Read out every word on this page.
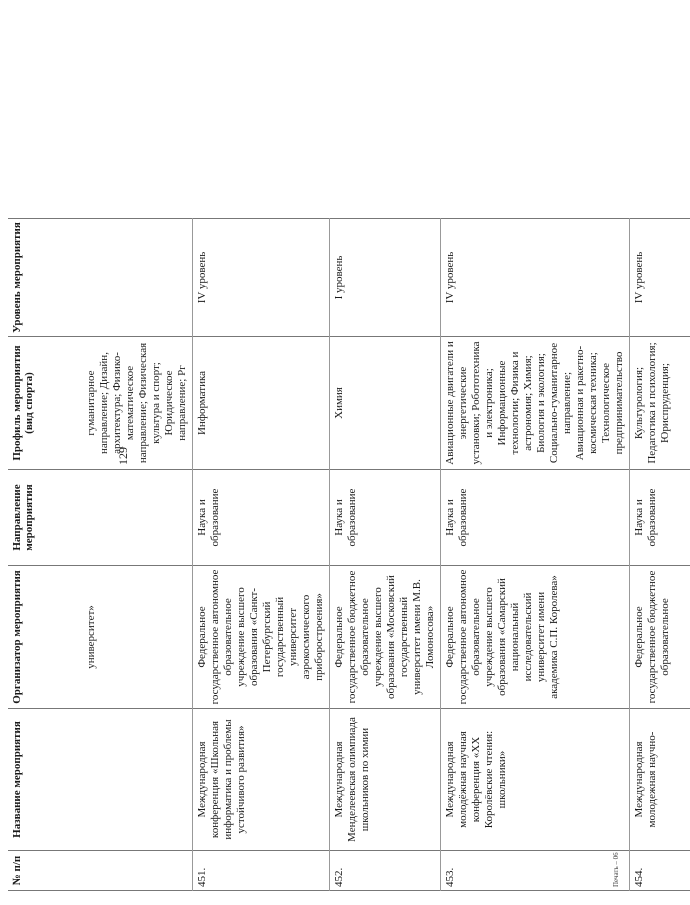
129
№ п/п	Название мероприятия	Организатор мероприятия	Направление мероприятия	Профиль мероприятия (вид спорта)	Уровень мероприятия
		университет»		гуманитарное направление; Дизайн, архитектура; Физико-математическое направление; Физическая культура и спорт; Юридическое направление; Рг	
451.	Международная конференция «Школьная информатика и проблемы устойчивого развития»	Федеральное государственное автономное образовательное учреждение высшего образования «Санкт-Петербургский государственный университет аэрокосмического приборостроения»	Наука и образование	Информатика	IV уровень
452.	Международная Менделеевская олимпиада школьников по химии	Федеральное государственное бюджетное образовательное учреждение высшего образования «Московский государственный университет имени М.В. Ломоносова»	Наука и образование	Химия	I уровень
453.	Международная молодёжная научная конференция «XX Королёвские чтения: школьники»	Федеральное государственное автономное образовательное учреждение высшего образования «Самарский национальный исследовательский университет имени академика С.П. Королева»	Наука и образование	Авиационные двигатели и энергетические установки; Робототехника и электроника; Информационные технологии; Физика и астрономия; Химия; Биология и экология; Социально-гуманитарное направление; Авиационная и ракетно-космическая техника; Технологическое предпринимательство	IV уровень
454.	Международная молодежная научно-	Федеральное государственное бюджетное образовательное	Наука и образование	Культурология; Педагогика и психология; Юриспруденция;	IV уровень
Печать – 06
